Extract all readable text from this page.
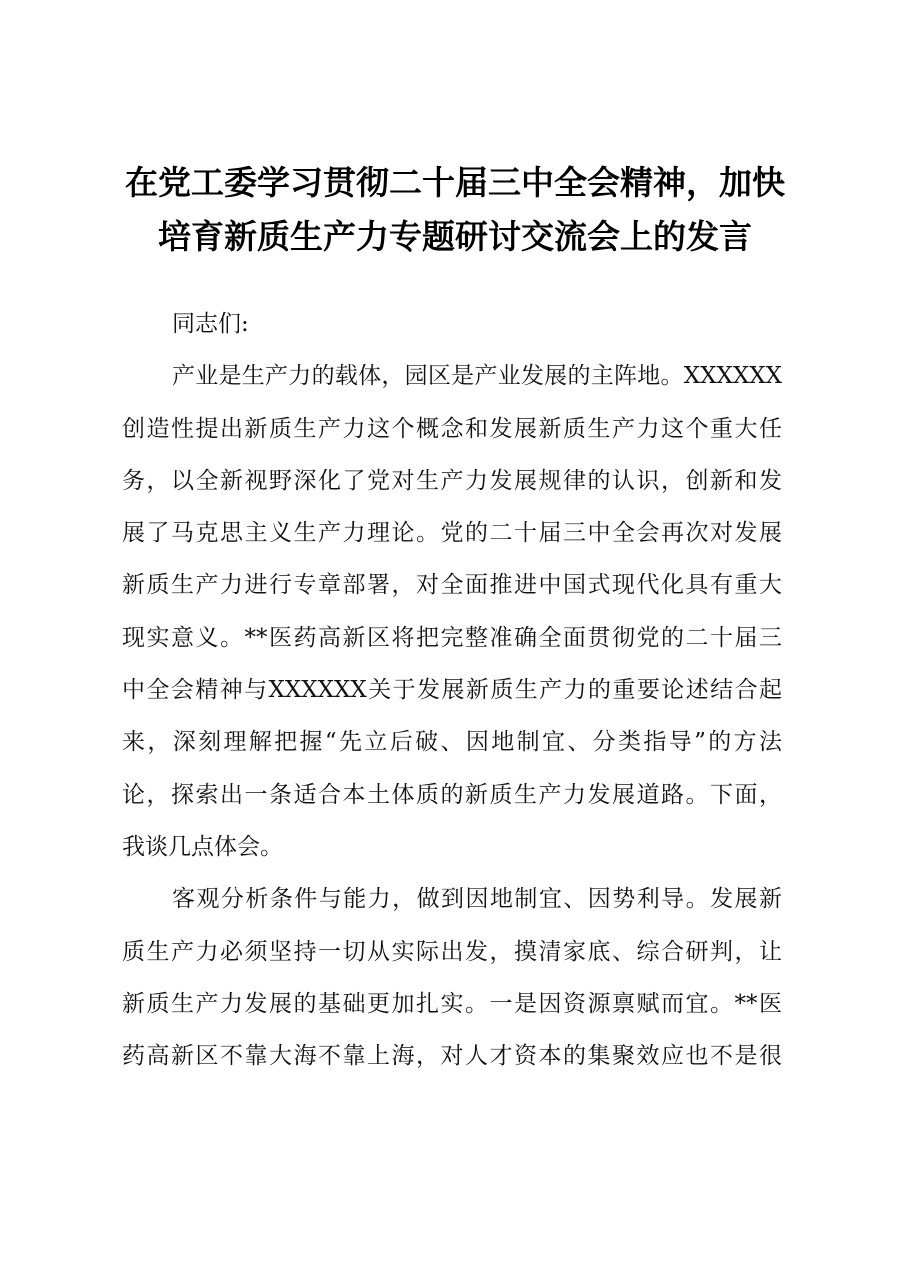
在党工委学习贯彻二十届三中全会精神，加快
培育新质生产力专题研讨交流会上的发言
同志们:
产业是生产力的载体，园区是产业发展的主阵地。XXXXXX
创造性提出新质生产力这个概念和发展新质生产力这个重大任
务，以全新视野深化了党对生产力发展规律的认识，创新和发
展了马克思主义生产力理论。党的二十届三中全会再次对发展
新质生产力进行专章部署，对全面推进中国式现代化具有重大
现实意义。**医药高新区将把完整准确全面贯彻党的二十届三
中全会精神与XXXXXX关于发展新质生产力的重要论述结合起
来，深刻理解把握“先立后破、因地制宜、分类指导”的方法
论，探索出一条适合本土体质的新质生产力发展道路。下面，
我谈几点体会。
客观分析条件与能力，做到因地制宜、因势利导。发展新
质生产力必须坚持一切从实际出发，摸清家底、综合研判，让
新质生产力发展的基础更加扎实。一是因资源禀赋而宜。**医
药高新区不靠大海不靠上海，对人才资本的集聚效应也不是很
